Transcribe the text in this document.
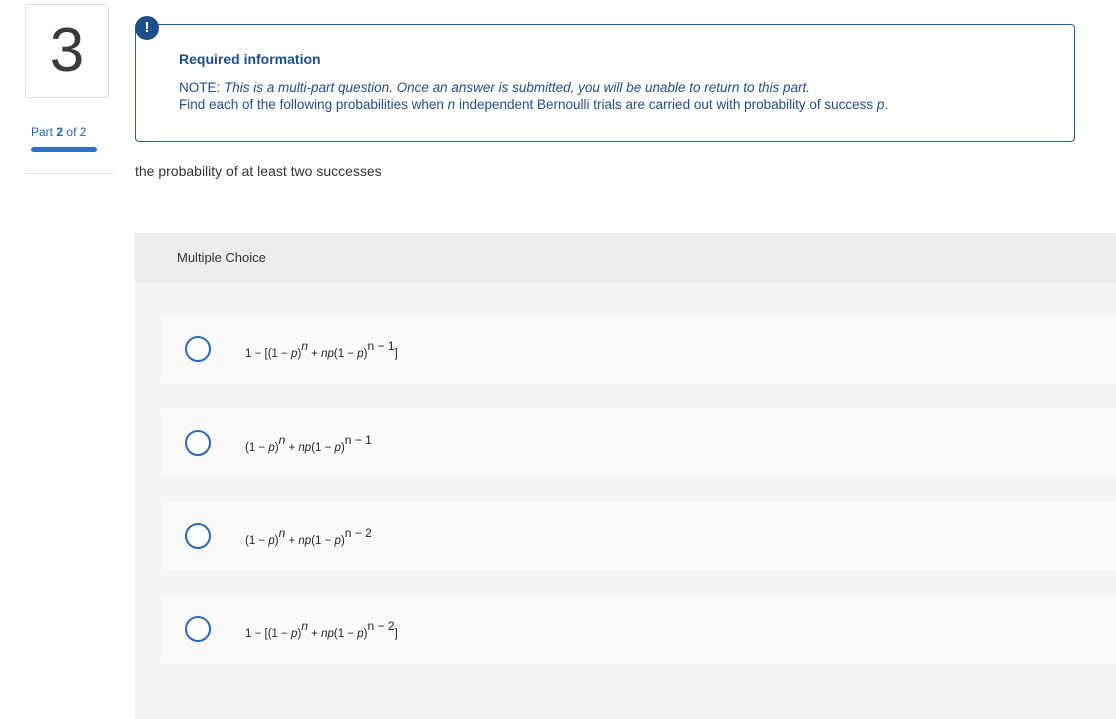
3
Part 2 of 2
!
Required information
NOTE: This is a multi-part question. Once an answer is submitted, you will be unable to return to this part.
Find each of the following probabilities when n independent Bernoulli trials are carried out with probability of success p.
the probability of at least two successes
Multiple Choice
$1 - [(1 - p)^n + np(1 - p)^{n - 1}]$
$(1 - p)^n + np(1 - p)^{n - 1}$
$(1 - p)^n + np(1 - p)^{n - 2}$
$1 - [(1 - p)^n + np(1 - p)^{n - 2}]$
